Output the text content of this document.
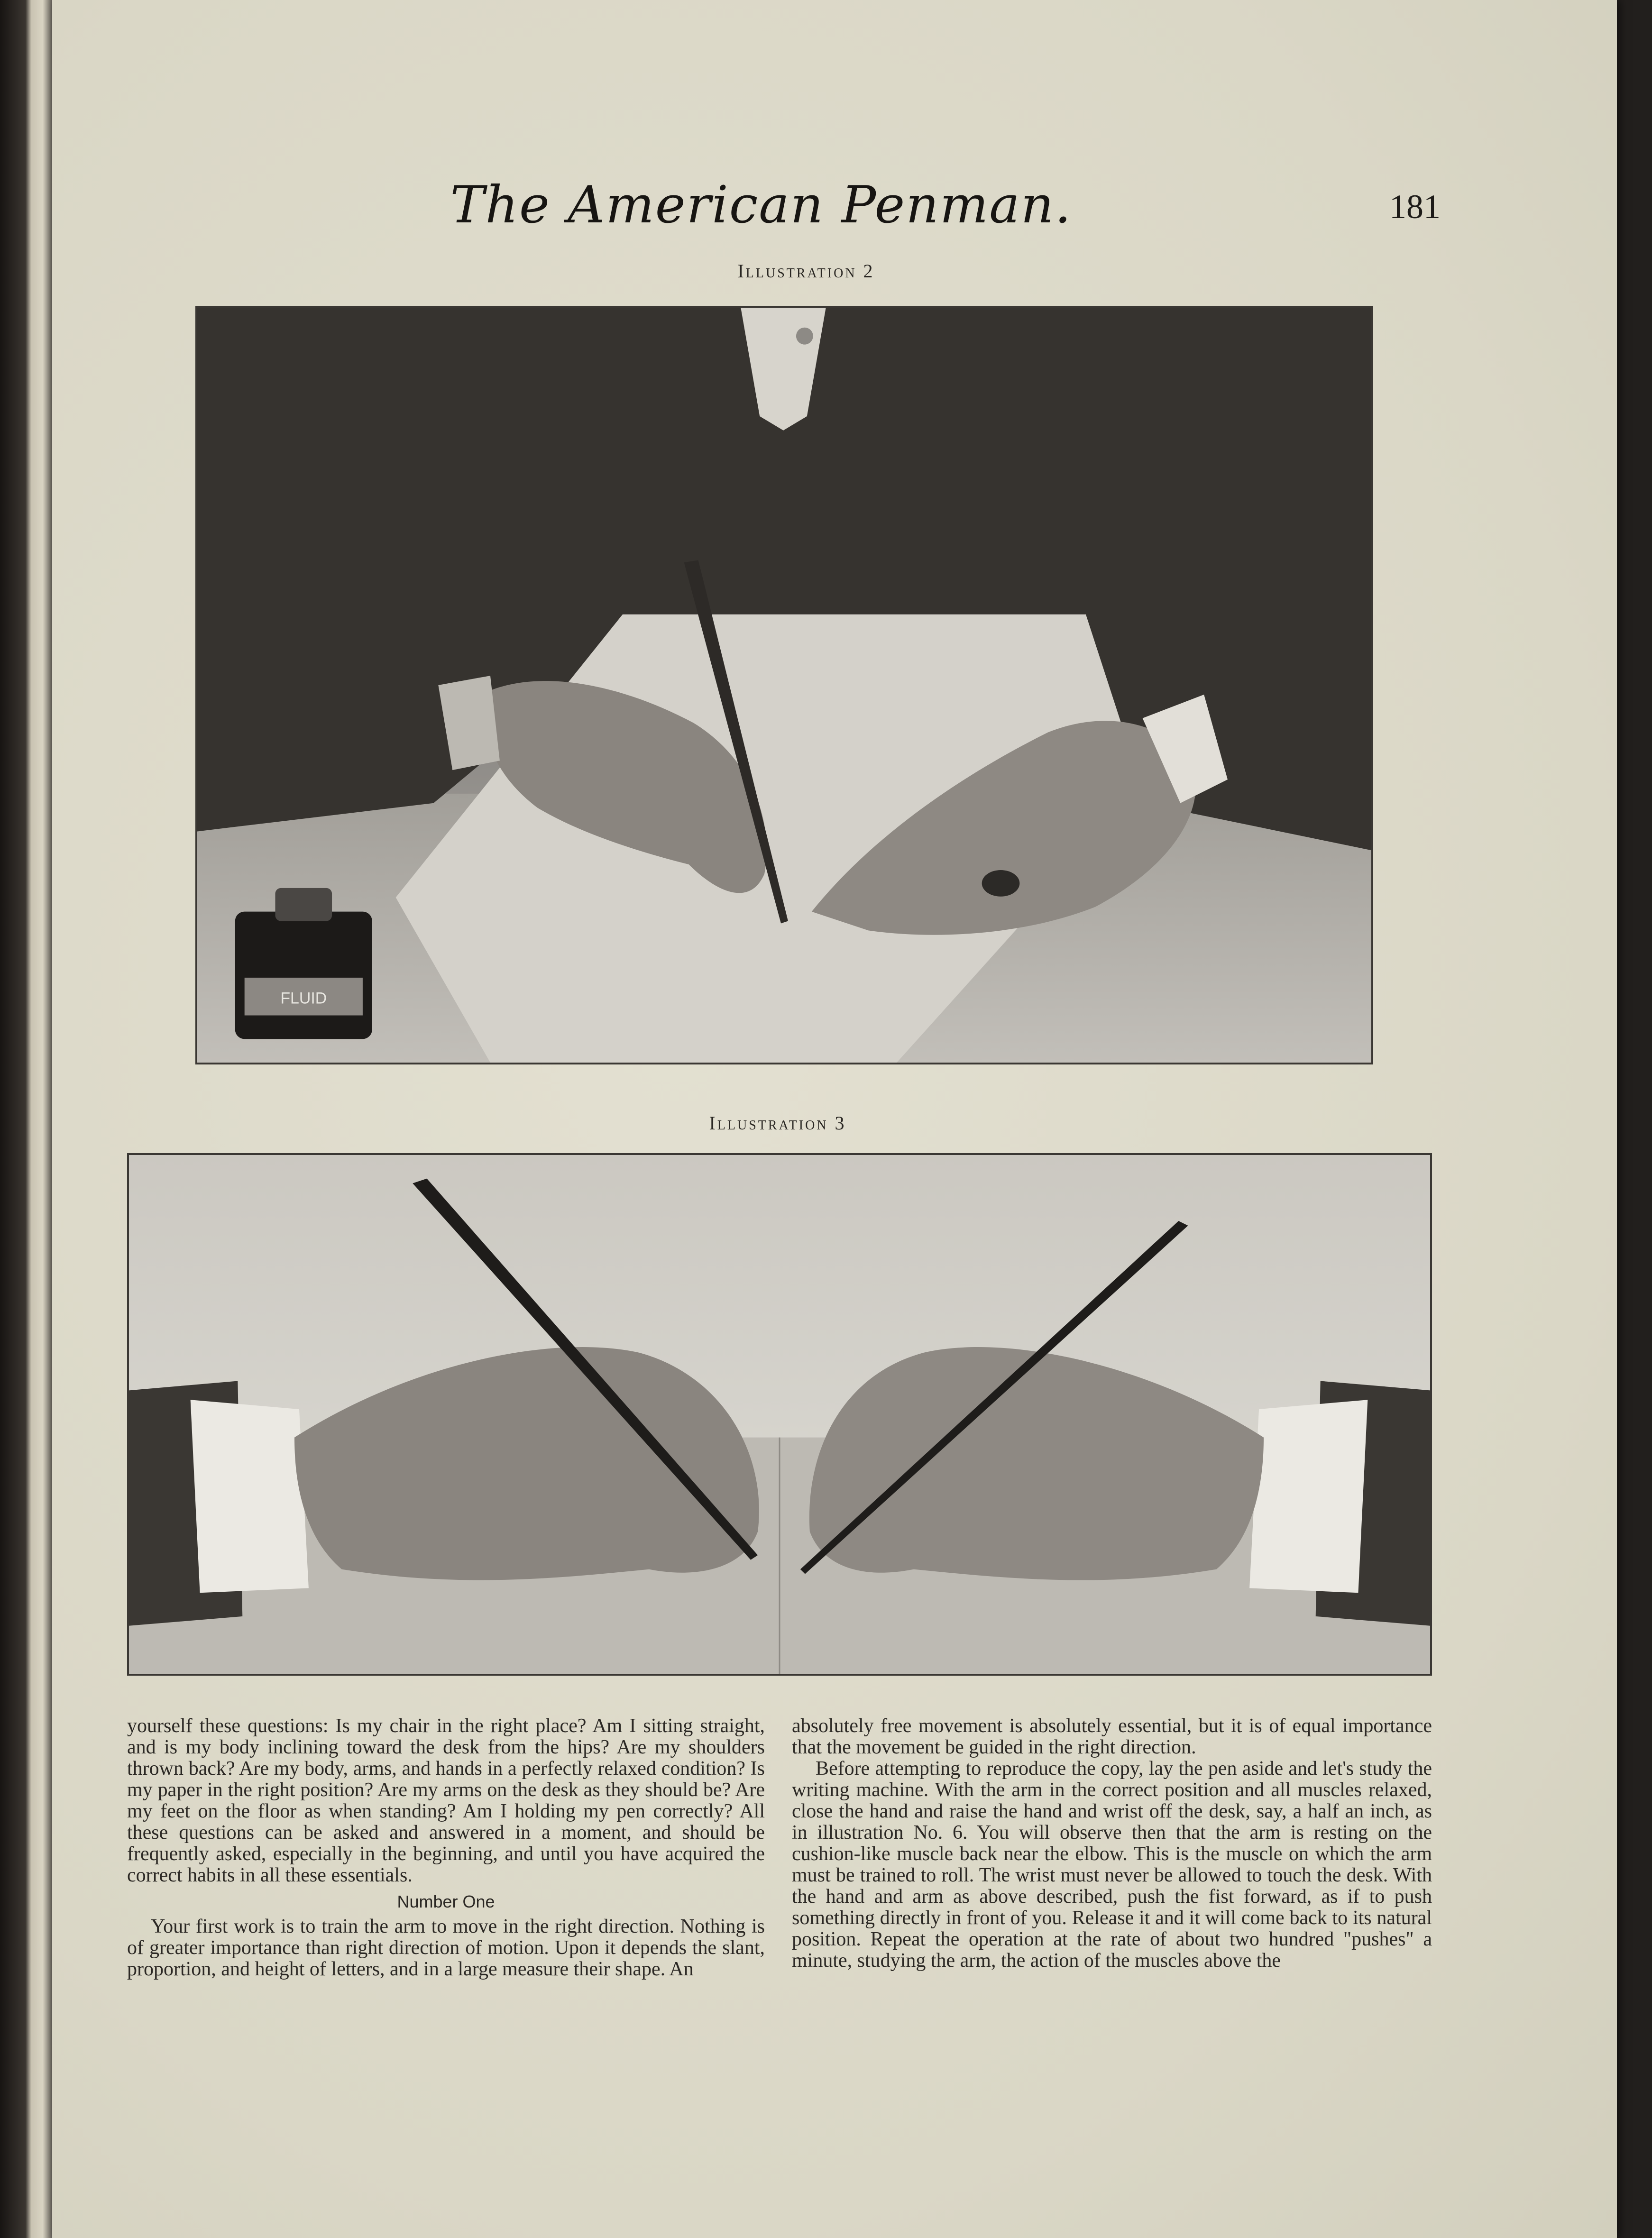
The American Penman.	181
Illustration 2
FLUID
Illustration 3

yourself these questions: Is my chair in the right place? Am I sitting straight, and is my body inclining toward the desk from the hips? Are my shoulders thrown back? Are my body, arms, and hands in a perfectly relaxed condition? Is my paper in the right position? Are my arms on the desk as they should be? Are my feet on the floor as when standing? Am I holding my pen correctly? All these questions can be asked and answered in a moment, and should be frequently asked, especially in the beginning, and until you have acquired the correct habits in all these essentials.

Number One

Your first work is to train the arm to move in the right direction. Nothing is of greater importance than right direction of motion. Upon it depends the slant, proportion, and height of letters, and in a large measure their shape. An

absolutely free movement is absolutely essential, but it is of equal importance that the movement be guided in the right direction.

Before attempting to reproduce the copy, lay the pen aside and let's study the writing machine. With the arm in the correct position and all muscles relaxed, close the hand and raise the hand and wrist off the desk, say, a half an inch, as in illustration No. 6. You will observe then that the arm is resting on the cushion-like muscle back near the elbow. This is the muscle on which the arm must be trained to roll. The wrist must never be allowed to touch the desk. With the hand and arm as above described, push the fist forward, as if to push something directly in front of you. Release it and it will come back to its natural position. Repeat the operation at the rate of about two hundred "pushes" a minute, studying the arm, the action of the muscles above the
